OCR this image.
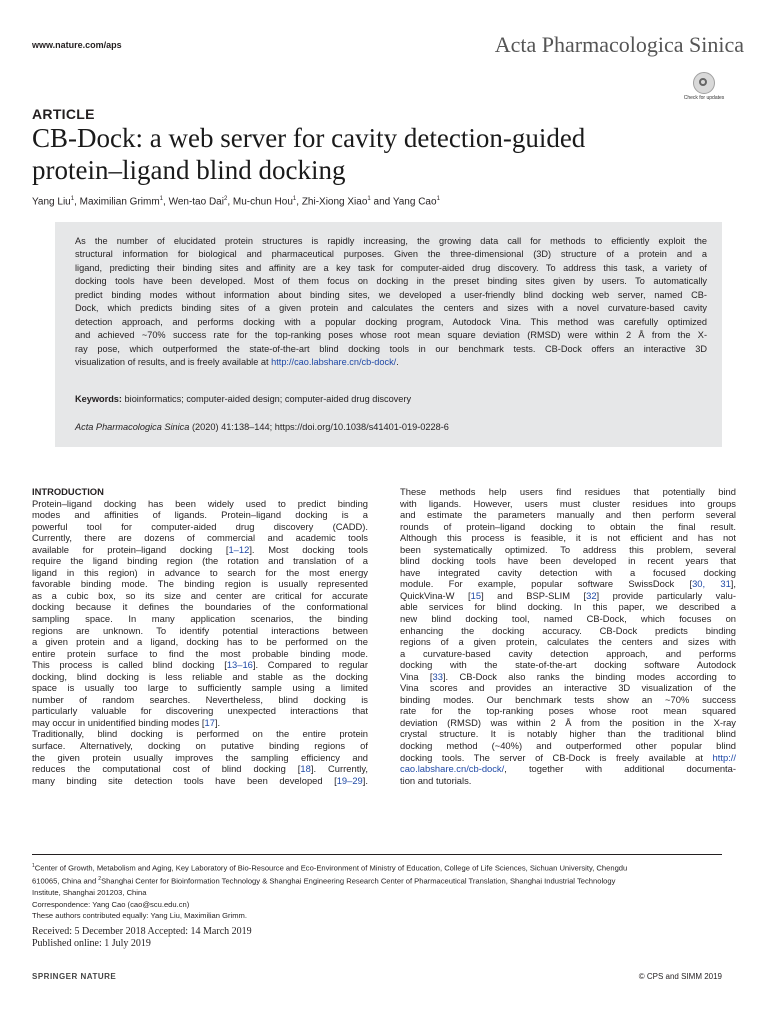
www.nature.com/aps	Acta Pharmacologica Sinica
Check for updates
ARTICLE
CB-Dock: a web server for cavity detection-guided
protein–ligand blind docking
Yang Liu$^1$, Maximilian Grimm$^1$, Wen-tao Dai$^2$, Mu-chun Hou$^1$, Zhi-Xiong Xiao$^1$ and Yang Cao$^1$
As the number of elucidated protein structures is rapidly increasing, the growing data call for methods to efficiently exploit the
structural information for biological and pharmaceutical purposes. Given the three-dimensional (3D) structure of a protein and a
ligand, predicting their binding sites and affinity are a key task for computer-aided drug discovery. To address this task, a variety of
docking tools have been developed. Most of them focus on docking in the preset binding sites given by users. To automatically
predict binding modes without information about binding sites, we developed a user-friendly blind docking web server, named CB-
Dock, which predicts binding sites of a given protein and calculates the centers and sizes with a novel curvature-based cavity
detection approach, and performs docking with a popular docking program, Autodock Vina. This method was carefully optimized
and achieved ~70% success rate for the top-ranking poses whose root mean square deviation (RMSD) were within 2 Å from the X-
ray pose, which outperformed the state-of-the-art blind docking tools in our benchmark tests. CB-Dock offers an interactive 3D
visualization of results, and is freely available at http://cao.labshare.cn/cb-dock/.
Keywords: bioinformatics; computer-aided design; computer-aided drug discovery
Acta Pharmacologica Sinica (2020) 41:138–144; https://doi.org/10.1038/s41401-019-0228-6
INTRODUCTION
Protein–ligand docking has been widely used to predict binding
modes and affinities of ligands. Protein–ligand docking is a
powerful tool for computer-aided drug discovery (CADD).
Currently, there are dozens of commercial and academic tools
available for protein–ligand docking [1–12]. Most docking tools
require the ligand binding region (the rotation and translation of a
ligand in this region) in advance to search for the most energy
favorable binding mode. The binding region is usually represented
as a cubic box, so its size and center are critical for accurate
docking because it defines the boundaries of the conformational
sampling space. In many application scenarios, the binding
regions are unknown. To identify potential interactions between
a given protein and a ligand, docking has to be performed on the
entire protein surface to find the most probable binding mode.
This process is called blind docking [13–16]. Compared to regular
docking, blind docking is less reliable and stable as the docking
space is usually too large to sufficiently sample using a limited
number of random searches. Nevertheless, blind docking is
particularly valuable for discovering unexpected interactions that
may occur in unidentified binding modes [17].
Traditionally, blind docking is performed on the entire protein
surface. Alternatively, docking on putative binding regions of
the given protein usually improves the sampling efficiency and
reduces the computational cost of blind docking [18]. Currently,
many binding site detection tools have been developed [19–29].
These methods help users find residues that potentially bind
with ligands. However, users must cluster residues into groups
and estimate the parameters manually and then perform several
rounds of protein–ligand docking to obtain the final result.
Although this process is feasible, it is not efficient and has not
been systematically optimized. To address this problem, several
blind docking tools have been developed in recent years that
have integrated cavity detection with a focused docking
module. For example, popular software SwissDock [30, 31],
QuickVina-W [15] and BSP-SLIM [32] provide particularly valu-
able services for blind docking. In this paper, we described a
new blind docking tool, named CB-Dock, which focuses on
enhancing the docking accuracy. CB-Dock predicts binding
regions of a given protein, calculates the centers and sizes with
a curvature-based cavity detection approach, and performs
docking with the state-of-the-art docking software Autodock
Vina [33]. CB-Dock also ranks the binding modes according to
Vina scores and provides an interactive 3D visualization of the
binding modes. Our benchmark tests show an ~70% success
rate for the top-ranking poses whose root mean squared
deviation (RMSD) was within 2 Å from the position in the X-ray
crystal structure. It is notably higher than the traditional blind
docking method (~40%) and outperformed other popular blind
docking tools. The server of CB-Dock is freely available at http://
cao.labshare.cn/cb-dock/, together with additional documenta-
tion and tutorials.
$^1$Center of Growth, Metabolism and Aging, Key Laboratory of Bio-Resource and Eco-Environment of Ministry of Education, College of Life Sciences, Sichuan University, Chengdu
610065, China and $^2$Shanghai Center for Bioinformation Technology & Shanghai Engineering Research Center of Pharmaceutical Translation, Shanghai Industrial Technology
Institute, Shanghai 201203, China
Correspondence: Yang Cao (cao@scu.edu.cn)
These authors contributed equally: Yang Liu, Maximilian Grimm.
Received: 5 December 2018 Accepted: 14 March 2019
Published online: 1 July 2019
SPRINGER NATURE	© CPS and SIMM 2019
